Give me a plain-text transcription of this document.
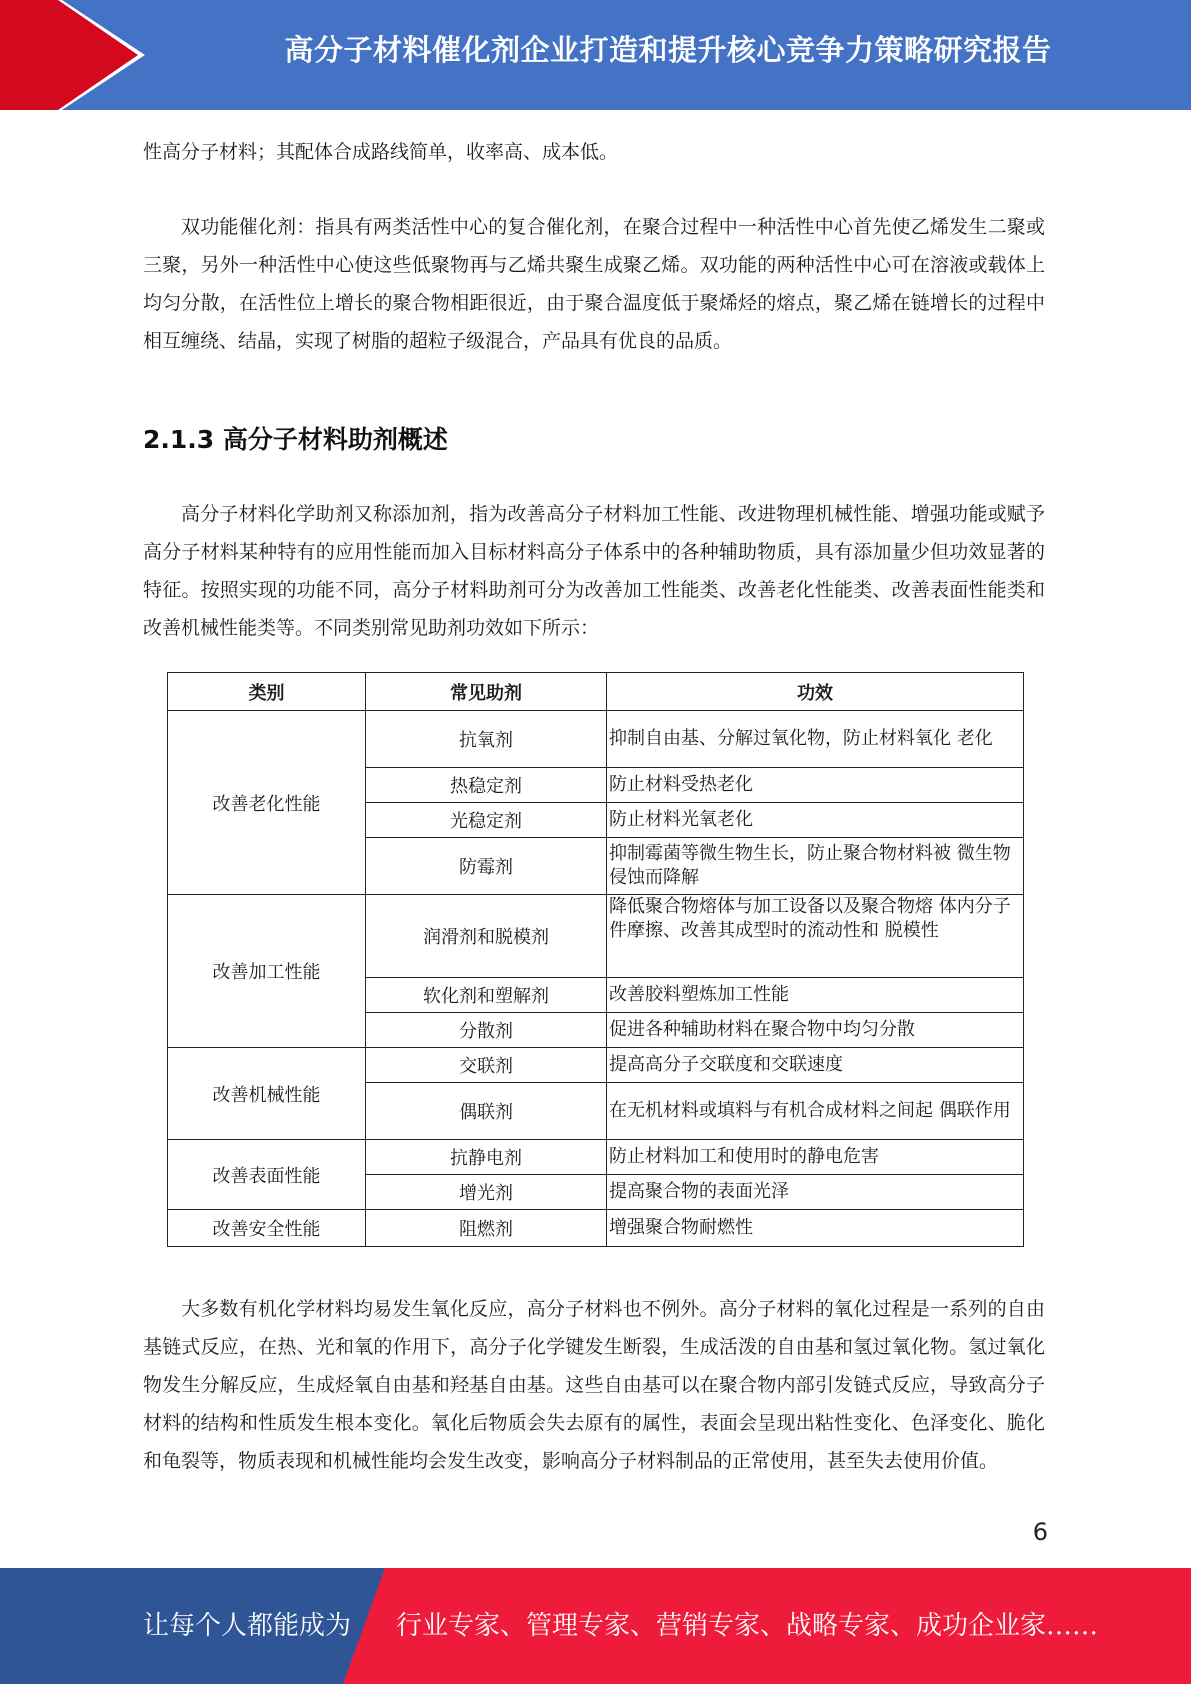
高分子材料催化剂企业打造和提升核心竞争力策略研究报告

性高分子材料；其配体合成路线简单，收率高、成本低。

双功能催化剂：指具有两类活性中心的复合催化剂，在聚合过程中一种活性中心首先使乙烯发生二聚或三聚，另外一种活性中心使这些低聚物再与乙烯共聚生成聚乙烯。双功能的两种活性中心可在溶液或载体上均匀分散，在活性位上增长的聚合物相距很近，由于聚合温度低于聚烯烃的熔点，聚乙烯在链增长的过程中相互缠绕、结晶，实现了树脂的超粒子级混合，产品具有优良的品质。

2.1.3 高分子材料助剂概述

高分子材料化学助剂又称添加剂，指为改善高分子材料加工性能、改进物理机械性能、增强功能或赋予高分子材料某种特有的应用性能而加入目标材料高分子体系中的各种辅助物质，具有添加量少但功效显著的特征。按照实现的功能不同，高分子材料助剂可分为改善加工性能类、改善老化性能类、改善表面性能类和改善机械性能类等。不同类别常见助剂功效如下所示：

类别	常见助剂	功效
改善老化性能	抗氧剂	抑制自由基、分解过氧化物，防止材料氧化 老化
	热稳定剂	防止材料受热老化
	光稳定剂	防止材料光氧老化
	防霉剂	抑制霉菌等微生物生长，防止聚合物材料被 微生物侵蚀而降解
改善加工性能	润滑剂和脱模剂	降低聚合物熔体与加工设备以及聚合物熔 体内分子件摩擦、改善其成型时的流动性和 脱模性
	软化剂和塑解剂	改善胶料塑炼加工性能
	分散剂	促进各种辅助材料在聚合物中均匀分散
改善机械性能	交联剂	提高高分子交联度和交联速度
	偶联剂	在无机材料或填料与有机合成材料之间起 偶联作用
改善表面性能	抗静电剂	防止材料加工和使用时的静电危害
	增光剂	提高聚合物的表面光泽
改善安全性能	阻燃剂	增强聚合物耐燃性

大多数有机化学材料均易发生氧化反应，高分子材料也不例外。高分子材料的氧化过程是一系列的自由基链式反应，在热、光和氧的作用下，高分子化学键发生断裂，生成活泼的自由基和氢过氧化物。氢过氧化物发生分解反应，生成烃氧自由基和羟基自由基。这些自由基可以在聚合物内部引发链式反应，导致高分子材料的结构和性质发生根本变化。氧化后物质会失去原有的属性，表面会呈现出粘性变化、色泽变化、脆化和龟裂等，物质表现和机械性能均会发生改变，影响高分子材料制品的正常使用，甚至失去使用价值。

6
让每个人都能成为 行业专家、管理专家、营销专家、战略专家、成功企业家……
